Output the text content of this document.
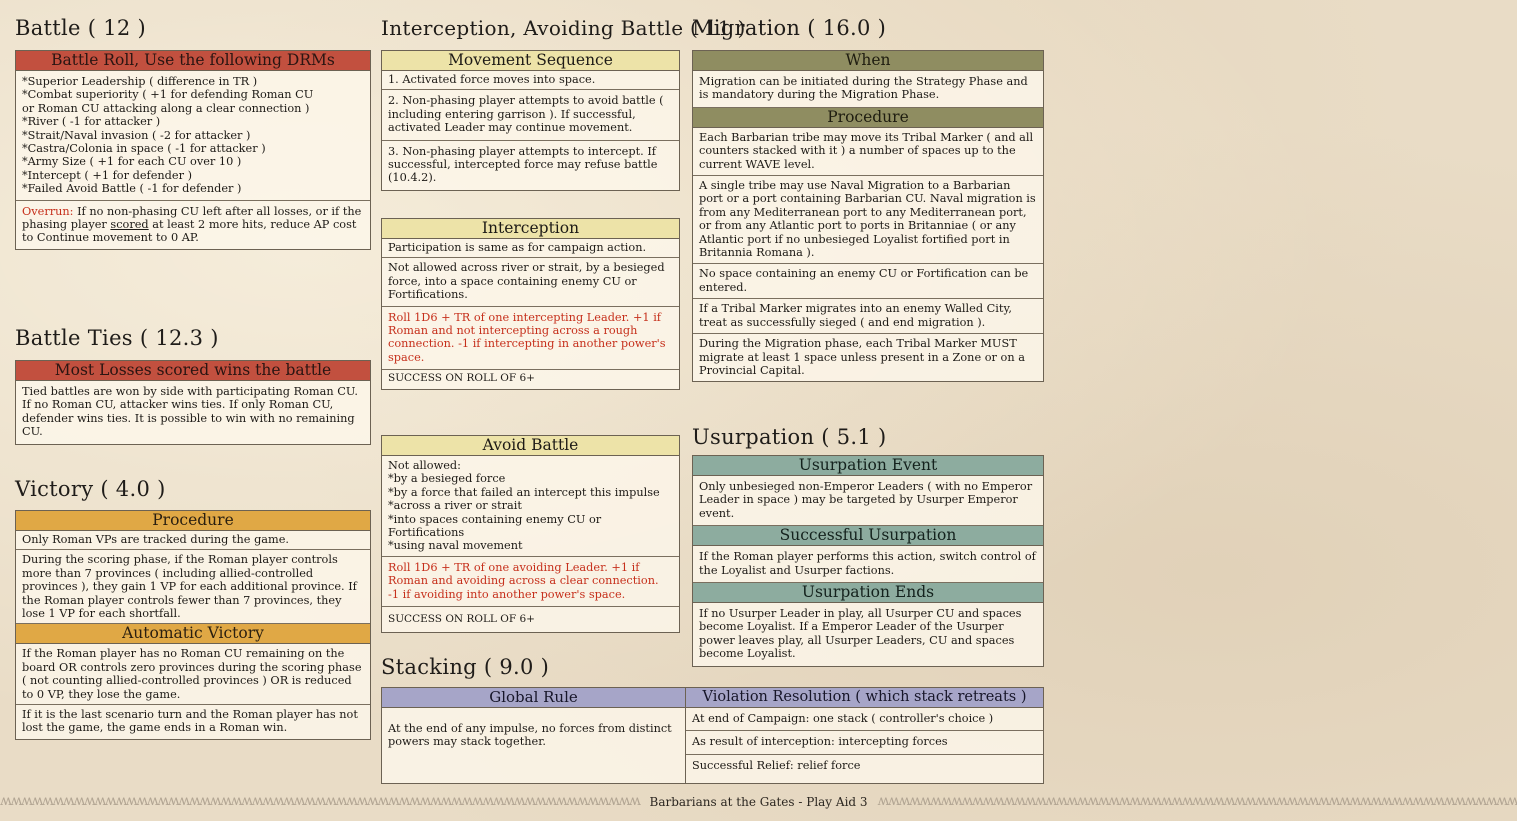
Battle ( 12 )
Battle Roll, Use the following DRMs
*Superior Leadership ( difference in TR )
*Combat superiority ( +1 for defending Roman CU
or Roman CU attacking along a clear connection )
*River ( -1 for attacker )
*Strait/Naval invasion ( -2 for attacker )
*Castra/Colonia in space ( -1 for attacker )
*Army Size ( +1 for each CU over 10 )
*Intercept ( +1 for defender )
*Failed Avoid Battle ( -1 for defender )
Overrun: If no non-phasing CU left after all losses, or if the phasing player scored at least 2 more hits, reduce AP cost to Continue movement to 0 AP.
Battle Ties ( 12.3 )
Most Losses scored wins the battle
Tied battles are won by side with participating Roman CU. If no Roman CU, attacker wins ties. If only Roman CU, defender wins ties. It is possible to win with no remaining CU.
Victory ( 4.0 )
Procedure
Only Roman VPs are tracked during the game.
During the scoring phase, if the Roman player controls more than 7 provinces ( including allied-controlled provinces ), they gain 1 VP for each additional province. If the Roman player controls fewer than 7 provinces, they lose 1 VP for each shortfall.
Automatic Victory
If the Roman player has no Roman CU remaining on the board OR controls zero provinces during the scoring phase ( not counting allied-controlled provinces ) OR is reduced to 0 VP, they lose the game.
If it is the last scenario turn and the Roman player has not lost the game, the game ends in a Roman win.
Interception, Avoiding Battle ( 11 )
Movement Sequence
1. Activated force moves into space.
2. Non-phasing player attempts to avoid battle ( including entering garrison ). If successful, activated Leader may continue movement.
3. Non-phasing player attempts to intercept. If successful, intercepted force may refuse battle (10.4.2).
Interception
Participation is same as for campaign action.
Not allowed across river or strait, by a besieged force, into a space containing enemy CU or Fortifications.
Roll 1D6 + TR of one intercepting Leader. +1 if Roman and not intercepting across a rough connection. -1 if intercepting in another power's space.
SUCCESS ON ROLL OF 6+
Avoid Battle
Not allowed:
*by a besieged force
*by a force that failed an intercept this impulse
*across a river or strait
*into spaces containing enemy CU or Fortifications
*using naval movement
Roll 1D6 + TR of one avoiding Leader. +1 if Roman and avoiding across a clear connection. -1 if avoiding into another power's space.
SUCCESS ON ROLL OF 6+
Stacking ( 9.0 )
Global Rule
At the end of any impulse, no forces from distinct powers may stack together.
Violation Resolution ( which stack retreats )
At end of Campaign: one stack ( controller's choice )
As result of interception: intercepting forces
Successful Relief: relief force
Migration ( 16.0 )
When
Migration can be initiated during the Strategy Phase and is mandatory during the Migration Phase.
Procedure
Each Barbarian tribe may move its Tribal Marker ( and all counters stacked with it ) a number of spaces up to the current WAVE level.
A single tribe may use Naval Migration to a Barbarian port or a port containing Barbarian CU. Naval migration is from any Mediterranean port to any Mediterranean port, or from any Atlantic port to ports in Britanniae ( or any Atlantic port if no unbesieged Loyalist fortified port in Britannia Romana ).
No space containing an enemy CU or Fortification can be entered.
If a Tribal Marker migrates into an enemy Walled City, treat as successfully sieged ( and end migration ).
During the Migration phase, each Tribal Marker MUST migrate at least 1 space unless present in a Zone or on a Provincial Capital.
Usurpation ( 5.1 )
Usurpation Event
Only unbesieged non-Emperor Leaders ( with no Emperor Leader in space ) may be targeted by Usurper Emperor event.
Successful Usurpation
If the Roman player performs this action, switch control of the Loyalist and Usurper factions.
Usurpation Ends
If no Usurper Leader in play, all Usurper CU and spaces become Loyalist. If a Emperor Leader of the Usurper power leaves play, all Usurper Leaders, CU and spaces become Loyalist.
ʍʍʍʍʍʍʍʍʍʍʍʍʍʍʍʍʍʍʍʍʍʍʍʍʍʍʍʍʍʍʍʍʍʍʍʍʍʍʍʍʍʍʍʍʍʍʍʍʍʍʍʍʍʍʍʍʍʍʍʍʍ Barbarians at the Gates - Play Aid 3 ʍʍʍʍʍʍʍʍʍʍʍʍʍʍʍʍʍʍʍʍʍʍʍʍʍʍʍʍʍʍʍʍʍʍʍʍʍʍʍʍʍʍʍʍʍʍʍʍʍʍʍʍʍʍʍʍʍʍʍʍʍ
